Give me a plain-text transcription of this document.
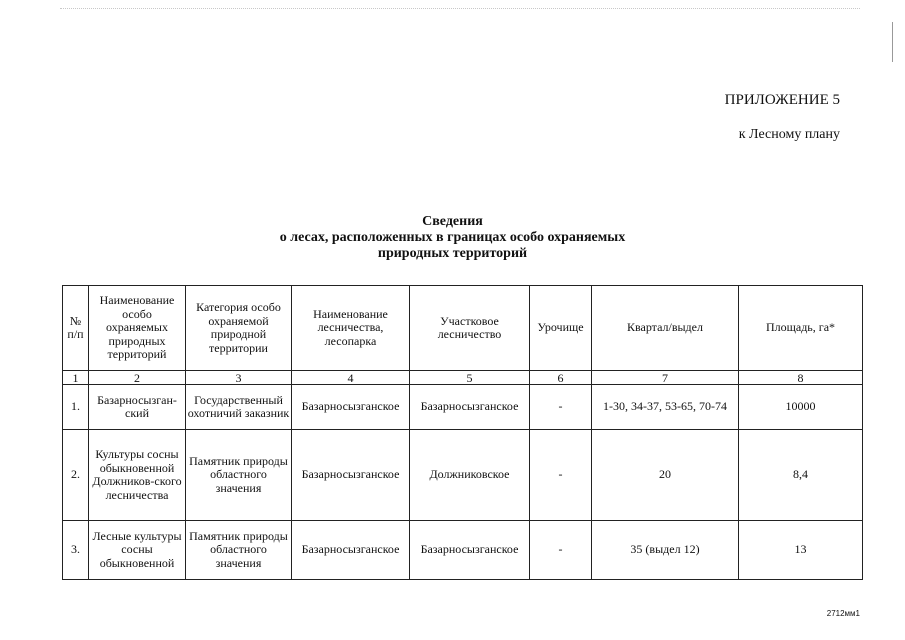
ПРИЛОЖЕНИЕ 5
к Лесному плану
Сведения
о лесах, расположенных в границах особо охраняемых
природных территорий
№ п/п	Наименование особо охраняемых природных территорий	Категория особо охраняемой природной территории	Наименование лесничества, лесопарка	Участковое лесничество	Урочище	Квартал/выдел	Площадь, га*
1	2	3	4	5	6	7	8
1.	Базарносызган-ский	Государственный охотничий заказник	Базарносызганское	Базарносызганское	-	1-30, 34-37, 53-65, 70-74	10000
2.	Культуры сосны обыкновенной Должников-ского лесничества	Памятник природы областного значения	Базарносызганское	Должниковское	-	20	8,4
3.	Лесные культуры сосны обыкновенной	Памятник природы областного значения	Базарносызганское	Базарносызганское	-	35 (выдел 12)	13
2712мм1
